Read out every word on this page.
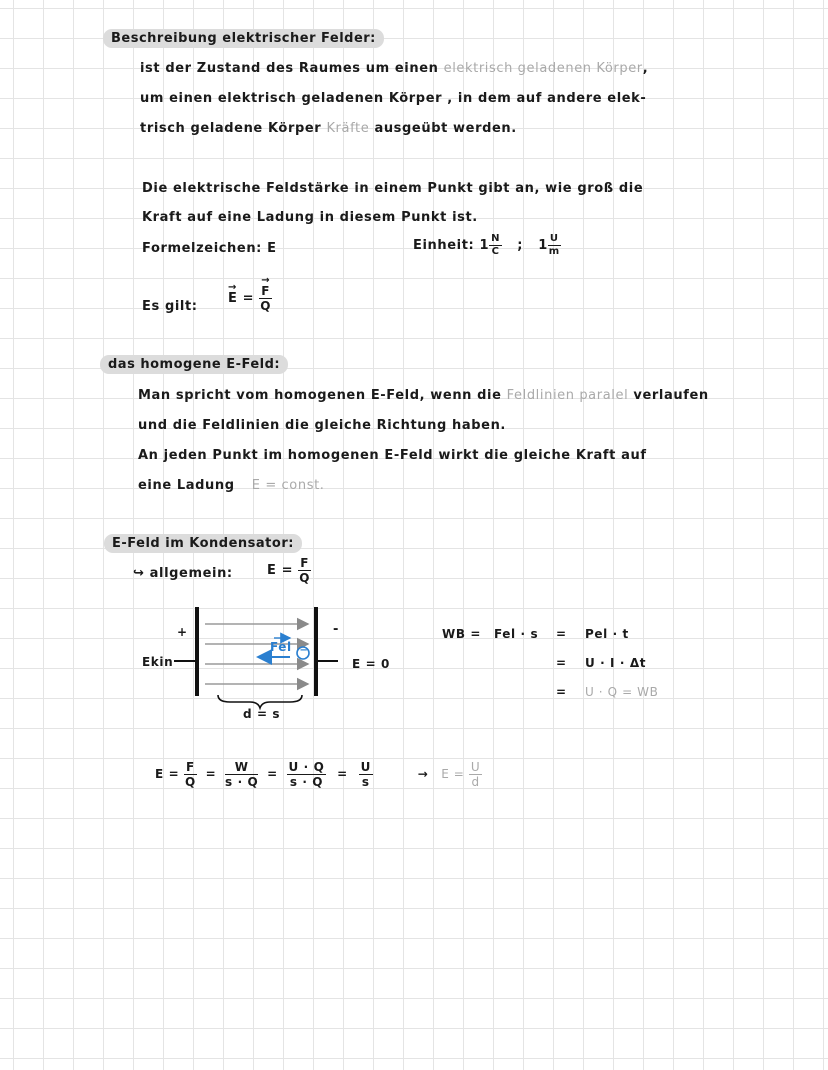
Beschreibung elektrischer Felder:
ist der Zustand des Raumes um einen elektrisch geladenen Körper,
um einen elektrisch geladenen Körper , in dem auf andere elek-
trisch geladene Körper Kräfte ausgeübt werden.
Die elektrische Feldstärke in einem Punkt gibt an, wie groß die
Kraft auf eine Ladung in diesem Punkt ist.
Formelzeichen: E	Einheit: $1 \frac{N}{C}$ ; $1 \frac{U}{m}$
Es gilt:
→ E =
→ $\frac{F}{Q}$
das homogene E-Feld:
Man spricht vom homogenen E-Feld, wenn die Feldlinien paralel verlaufen
und die Feldlinien die gleiche Richtung haben.
An jeden Punkt im homogenen E-Feld wirkt die gleiche Kraft auf
eine Ladung E = const.
E-Feld im Kondensator:
↪ allgemein:	$E = \frac{F}{Q}$
+	-
Ekin	E = 0
Fel −
d = s
WB = Fel · s = Pel · t
= U · I · Δt
= U · Q = WB
$E = \frac{F}{Q} = \frac{W}{s \cdot Q} = \frac{U \cdot Q}{s \cdot Q} = \frac{U}{s}$	→ $E = \frac{U}{d}$
